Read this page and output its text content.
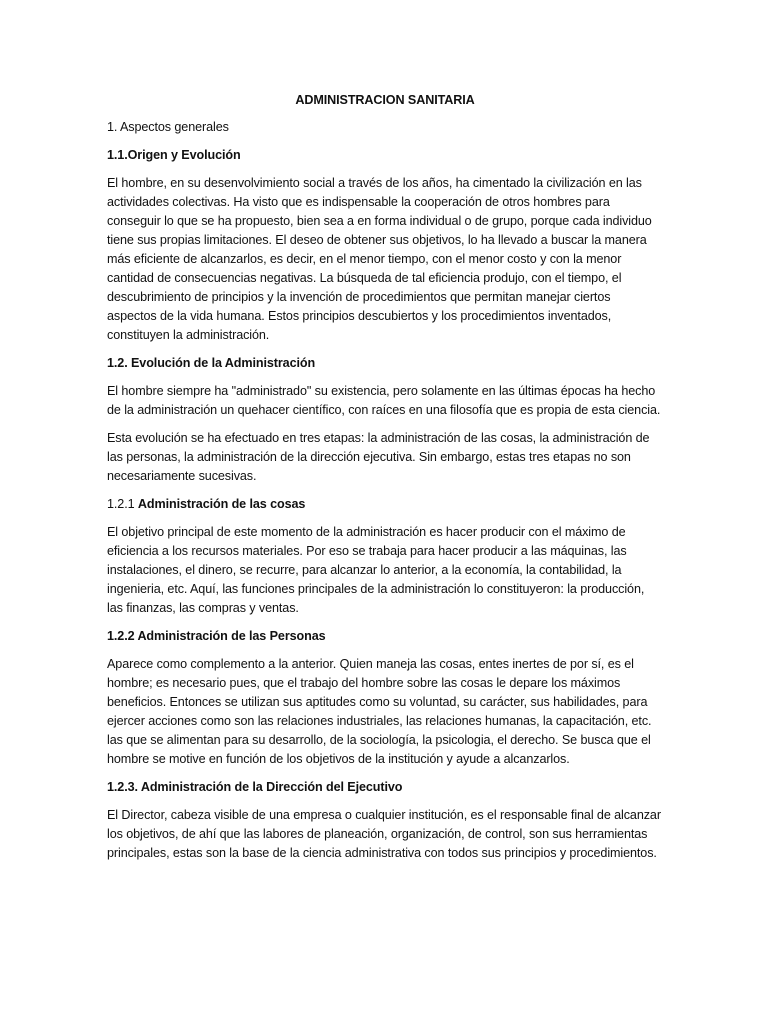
ADMINISTRACION SANITARIA
1. Aspectos generales
1.1.Origen y Evolución

El hombre, en su desenvolvimiento social a través de los años, ha cimentado la civilización en las actividades colectivas. Ha visto que es indispensable la cooperación de otros hombres para conseguir lo que se ha propuesto, bien sea a en forma individual o de grupo, porque cada individuo tiene sus propias limitaciones. El deseo de obtener sus objetivos, lo ha llevado a buscar la manera más eficiente de alcanzarlos, es decir, en el menor tiempo, con el menor costo y con la menor cantidad de consecuencias negativas. La búsqueda de tal eficiencia produjo, con el tiempo, el descubrimiento de principios y la invención de procedimientos que permitan manejar ciertos aspectos de la vida humana. Estos principios descubiertos y los procedimientos inventados, constituyen la administración.

1.2. Evolución de la Administración

El hombre siempre ha "administrado" su existencia, pero solamente en las últimas épocas ha hecho de la administración un quehacer científico, con raíces en una filosofía que es propia de esta ciencia.

Esta evolución se ha efectuado en tres etapas: la administración de las cosas, la administración de las personas, la administración de la dirección ejecutiva. Sin embargo, estas tres etapas no son necesariamente sucesivas.

1.2.1 Administración de las cosas

El objetivo principal de este momento de la administración es hacer producir con el máximo de eficiencia a los recursos materiales. Por eso se trabaja para hacer producir a las máquinas, las instalaciones, el dinero, se recurre, para alcanzar lo anterior, a la economía, la contabilidad, la ingenieria, etc. Aquí, las funciones principales de la administración lo constituyeron: la producción, las finanzas, las compras y ventas.

1.2.2 Administración de las Personas

Aparece como complemento a la anterior. Quien maneja las cosas, entes inertes de por sí, es el hombre; es necesario pues, que el trabajo del hombre sobre las cosas le depare los máximos beneficios. Entonces se utilizan sus aptitudes como su voluntad, su carácter, sus habilidades, para ejercer acciones como son las relaciones industriales, las relaciones humanas, la capacitación, etc. las que se alimentan para su desarrollo, de la sociología, la psicologia, el derecho. Se busca que el hombre se motive en función de los objetivos de la institución y ayude a alcanzarlos.

1.2.3. Administración de la Dirección del Ejecutivo

El Director, cabeza visible de una empresa o cualquier institución, es el responsable final de alcanzar los objetivos, de ahí que las labores de planeación, organización, de control, son sus herramientas principales, estas son la base de la ciencia administrativa con todos sus principios y procedimientos.
